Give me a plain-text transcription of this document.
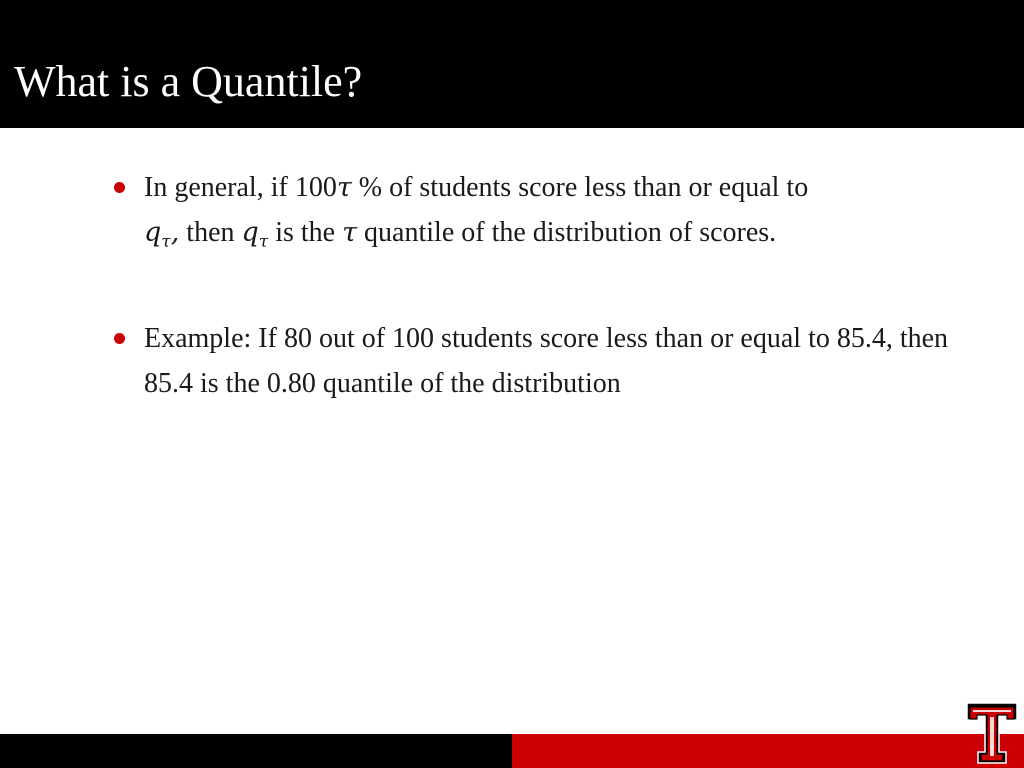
What is a Quantile?
In general, if 100τ % of students score less than or equal to
$q_\tau$, then $q_\tau$ is the τ quantile of the distribution of scores.
Example: If 80 out of 100 students score less than or equal to 85.4, then 85.4 is the 0.80 quantile of the distribution
